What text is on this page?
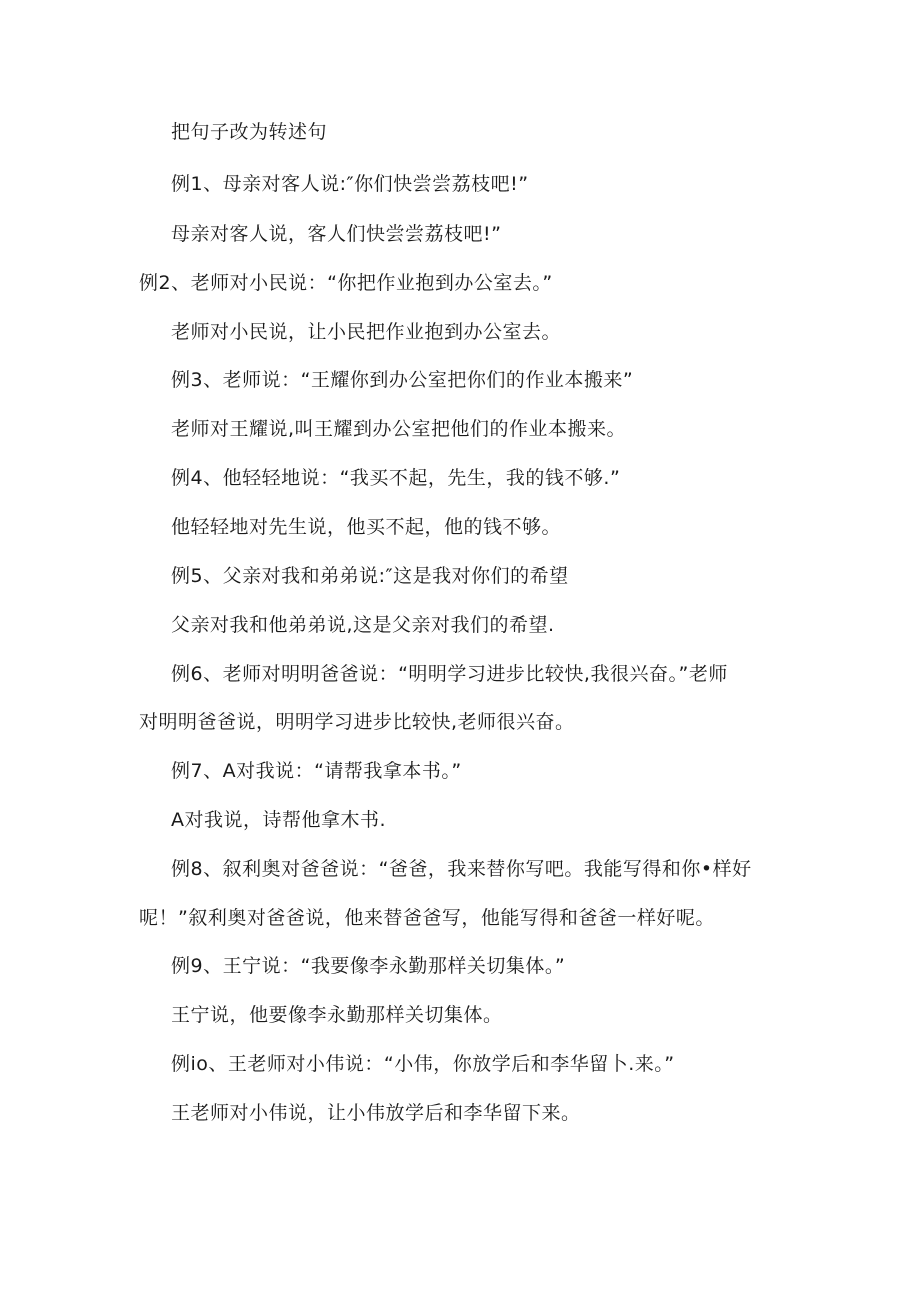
把句子改为转述句
例1、母亲对客人说:″你们快尝尝荔枝吧!”
母亲对客人说，客人们快尝尝荔枝吧!”
例2、老师对小民说：“你把作业抱到办公室去。”
老师对小民说，让小民把作业抱到办公室去。
例3、老师说：“王耀你到办公室把你们的作业本搬来”
老师对王耀说,叫王耀到办公室把他们的作业本搬来。
例4、他轻轻地说：“我买不起，先生，我的钱不够.”
他轻轻地对先生说，他买不起，他的钱不够。
例5、父亲对我和弟弟说:″这是我对你们的希望
父亲对我和他弟弟说,这是父亲对我们的希望.
例6、老师对明明爸爸说：“明明学习进步比较快,我很兴奋。”老师
对明明爸爸说，明明学习进步比较快,老师很兴奋。
例7、A对我说：“请帮我拿本书。”
A对我说，诗帮他拿木书.
例8、叙利奥对爸爸说：“爸爸，我来替你写吧。我能写得和你•样好
呢！”叙利奥对爸爸说，他来替爸爸写，他能写得和爸爸一样好呢。
例9、王宁说：“我要像李永勤那样关切集体。”
王宁说，他要像李永勤那样关切集体。
例io、王老师对小伟说：“小伟，你放学后和李华留卜.来。”
王老师对小伟说，让小伟放学后和李华留下来。
